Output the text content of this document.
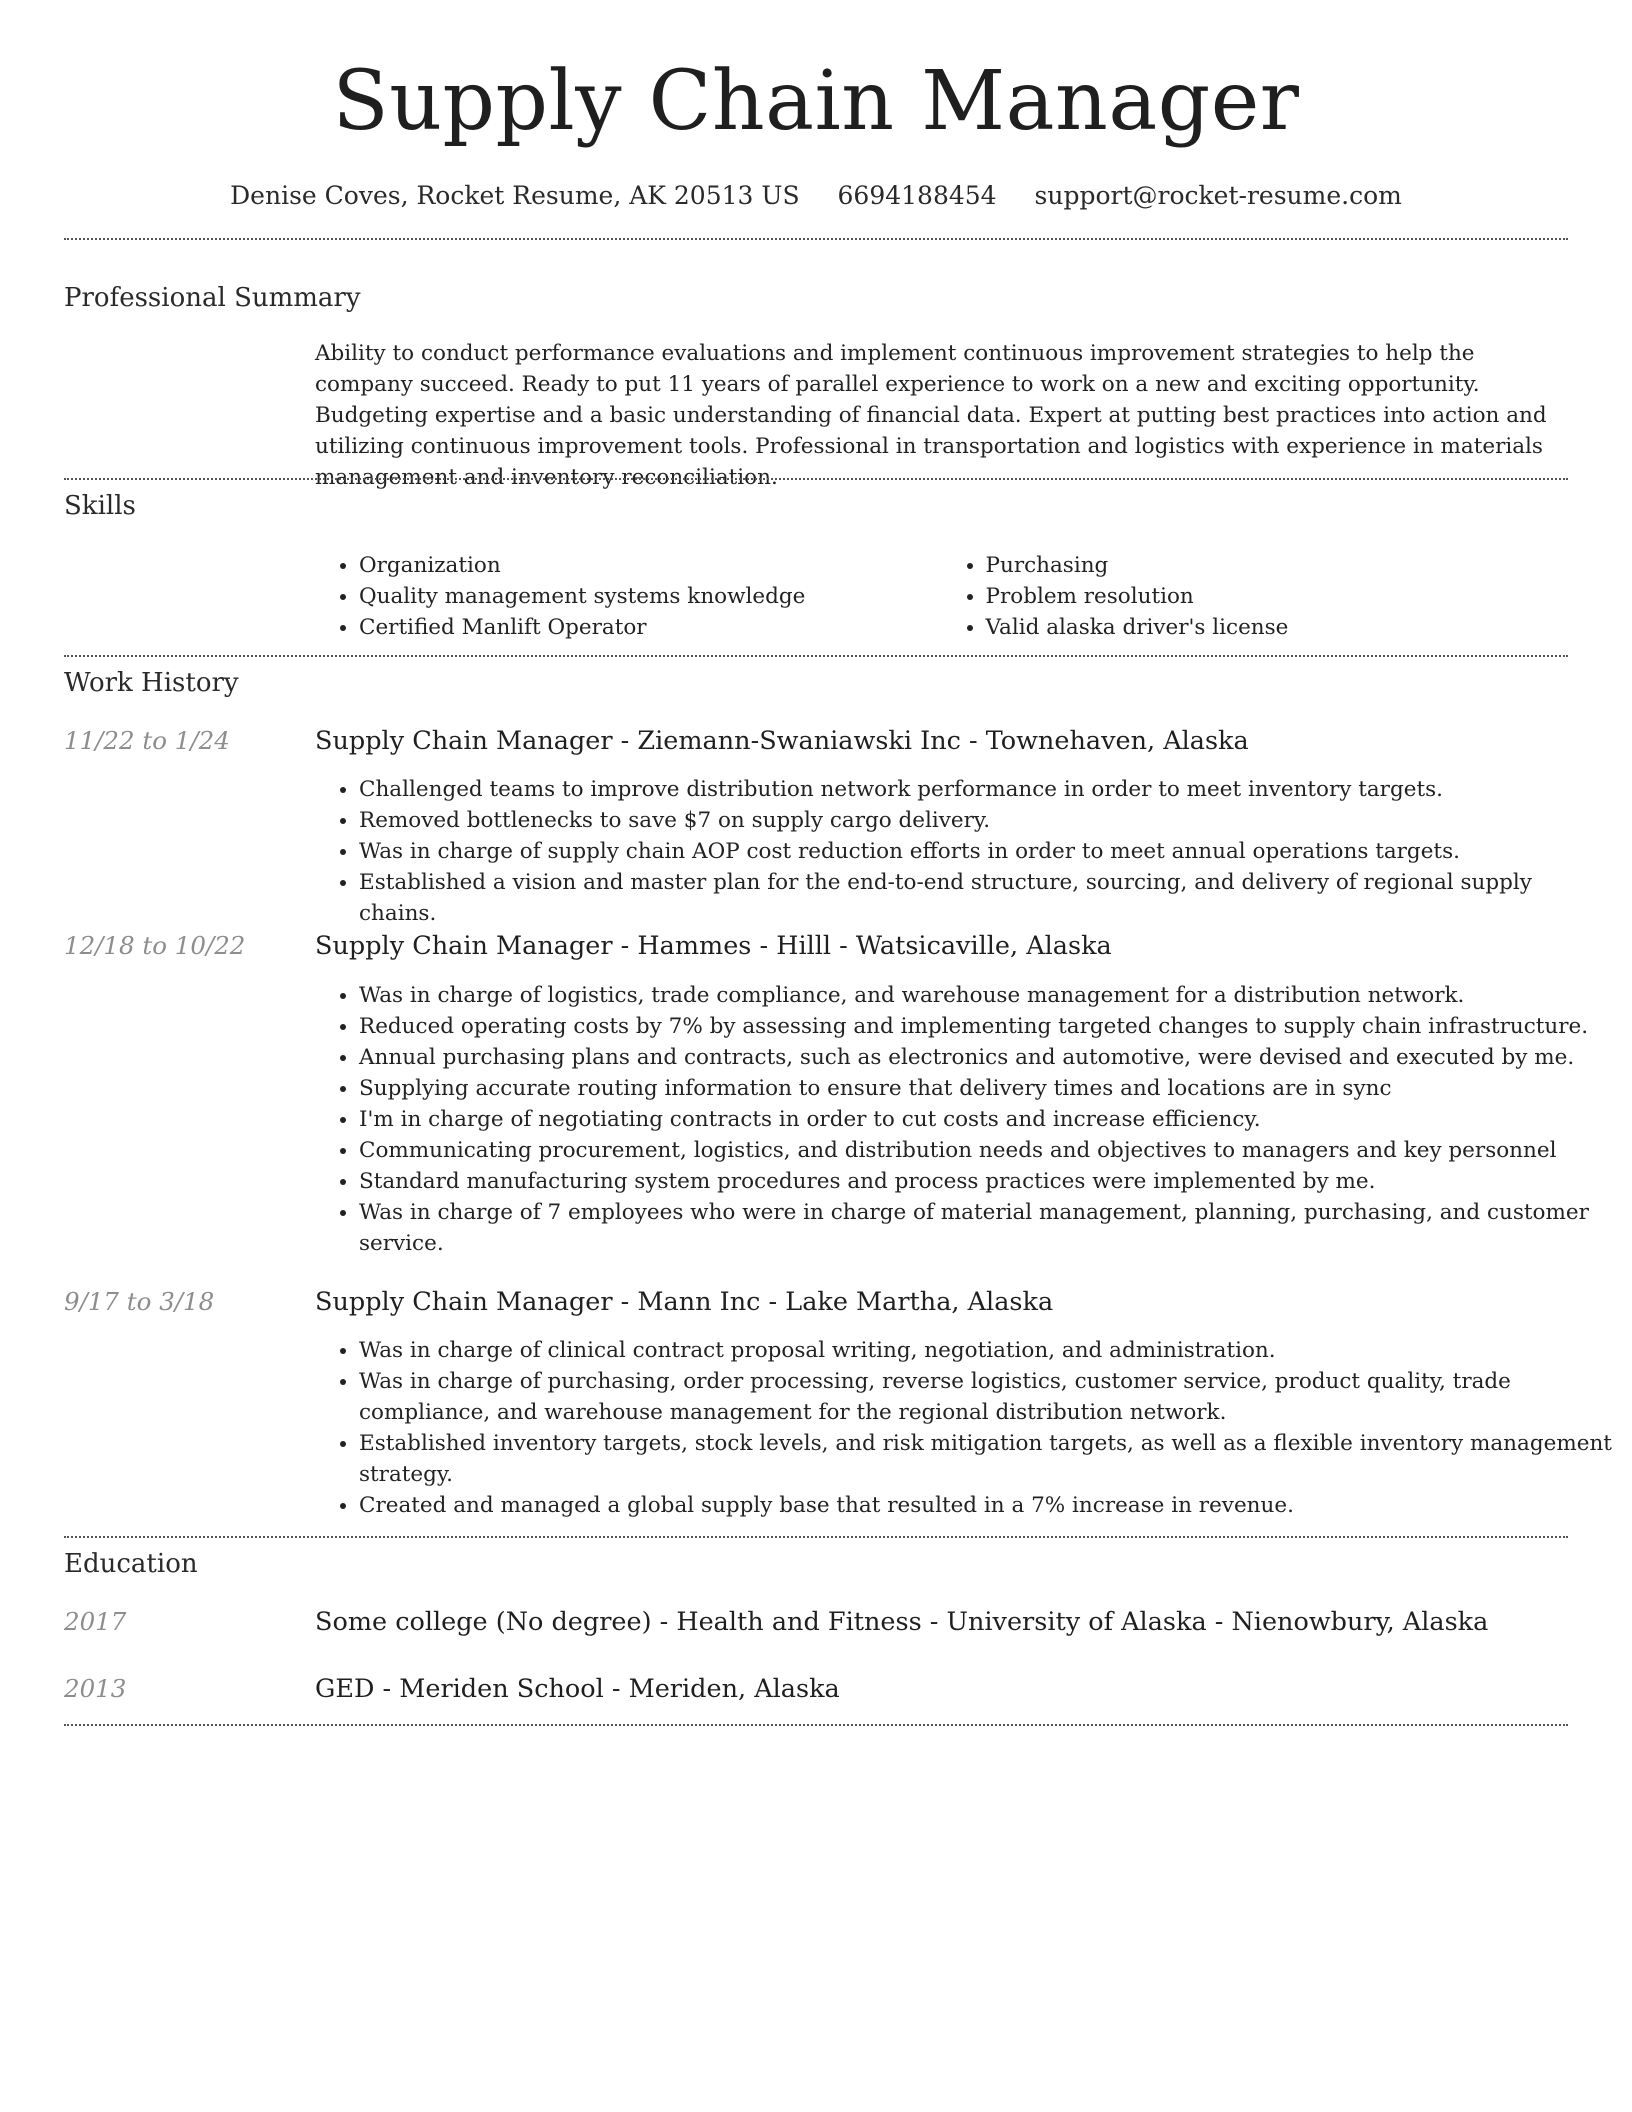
Supply Chain Manager
Denise Coves, Rocket Resume, AK 20513 US 6694188454 support@rocket-resume.com
Professional Summary

Ability to conduct performance evaluations and implement continuous improvement strategies to help the company succeed. Ready to put 11 years of parallel experience to work on a new and exciting opportunity. Budgeting expertise and a basic understanding of financial data. Expert at putting best practices into action and utilizing continuous improvement tools. Professional in transportation and logistics with experience in materials management and inventory reconciliation.

Skills
• Organization
• Quality management systems knowledge
• Certified Manlift Operator
• Purchasing
• Problem resolution
• Valid alaska driver's license
Work History
11/22 to 1/24	Supply Chain Manager - Ziemann-Swaniawski Inc - Townehaven, Alaska
• Challenged teams to improve distribution network performance in order to meet inventory targets.
• Removed bottlenecks to save $7 on supply cargo delivery.
• Was in charge of supply chain AOP cost reduction efforts in order to meet annual operations targets.
• Established a vision and master plan for the end-to-end structure, sourcing, and delivery of regional supply chains.
12/18 to 10/22	Supply Chain Manager - Hammes - Hilll - Watsicaville, Alaska
• Was in charge of logistics, trade compliance, and warehouse management for a distribution network.
• Reduced operating costs by 7% by assessing and implementing targeted changes to supply chain infrastructure.
• Annual purchasing plans and contracts, such as electronics and automotive, were devised and executed by me.
• Supplying accurate routing information to ensure that delivery times and locations are in sync
• I'm in charge of negotiating contracts in order to cut costs and increase efficiency.
• Communicating procurement, logistics, and distribution needs and objectives to managers and key personnel
• Standard manufacturing system procedures and process practices were implemented by me.
• Was in charge of 7 employees who were in charge of material management, planning, purchasing, and customer service.
9/17 to 3/18	Supply Chain Manager - Mann Inc - Lake Martha, Alaska
• Was in charge of clinical contract proposal writing, negotiation, and administration.
• Was in charge of purchasing, order processing, reverse logistics, customer service, product quality, trade compliance, and warehouse management for the regional distribution network.
• Established inventory targets, stock levels, and risk mitigation targets, as well as a flexible inventory management strategy.
• Created and managed a global supply base that resulted in a 7% increase in revenue.
Education
2017	Some college (No degree) - Health and Fitness - University of Alaska - Nienowbury, Alaska
2013	GED - Meriden School - Meriden, Alaska
